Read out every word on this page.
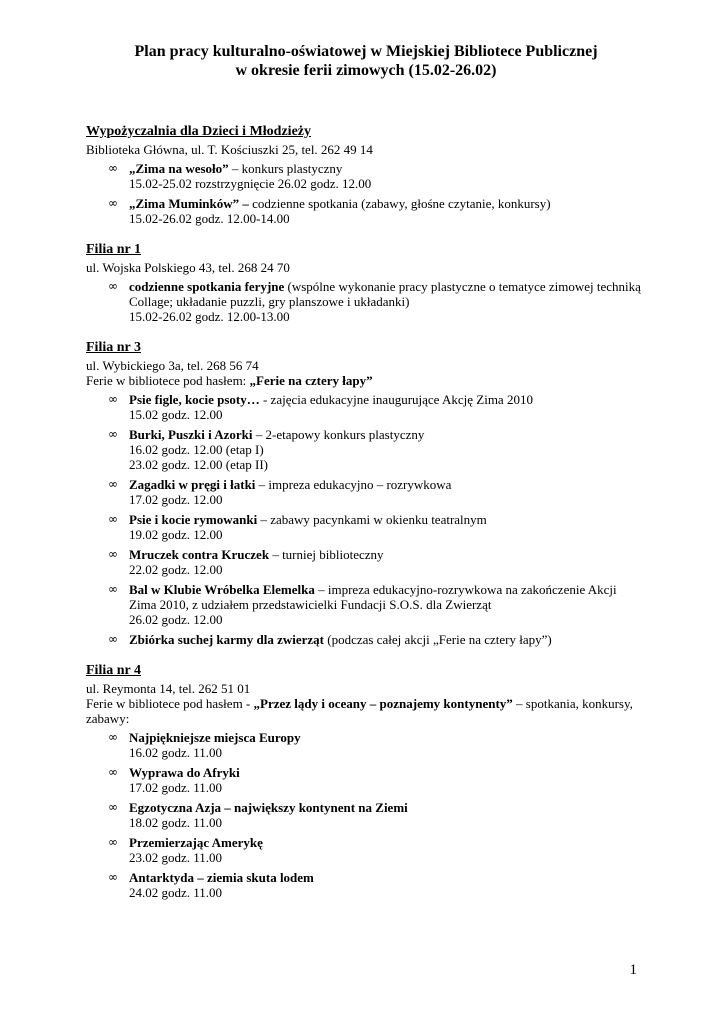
Plan pracy kulturalno-oświatowej w Miejskiej Bibliotece Publicznej
w okresie ferii zimowych (15.02-26.02)
Wypożyczalnia dla Dzieci i Młodzieży
Biblioteka Główna, ul. T. Kościuszki 25, tel. 262 49 14
∞ „Zima na wesoło” – konkurs plastyczny
15.02-25.02 rozstrzygnięcie 26.02 godz. 12.00
∞ „Zima Muminków” – codzienne spotkania (zabawy, głośne czytanie, konkursy)
15.02-26.02 godz. 12.00-14.00
Filia nr 1
ul. Wojska Polskiego 43, tel. 268 24 70
∞ codzienne spotkania feryjne (wspólne wykonanie pracy plastyczne o tematyce zimowej techniką Collage; układanie puzzli, gry planszowe i układanki)
15.02-26.02 godz. 12.00-13.00
Filia nr 3
ul. Wybickiego 3a, tel. 268 56 74
Ferie w bibliotece pod hasłem: „Ferie na cztery łapy”
∞ Psie figle, kocie psoty… - zajęcia edukacyjne inaugurujące Akcję Zima 2010
15.02 godz. 12.00
∞ Burki, Puszki i Azorki – 2-etapowy konkurs plastyczny
16.02 godz. 12.00 (etap I)
23.02 godz. 12.00 (etap II)
∞ Zagadki w pręgi i łatki – impreza edukacyjno – rozrywkowa
17.02 godz. 12.00
∞ Psie i kocie rymowanki – zabawy pacynkami w okienku teatralnym
19.02 godz. 12.00
∞ Mruczek contra Kruczek – turniej biblioteczny
22.02 godz. 12.00
∞ Bal w Klubie Wróbelka Elemelka – impreza edukacyjno-rozrywkowa na zakończenie Akcji Zima 2010, z udziałem przedstawicielki Fundacji S.O.S. dla Zwierząt
26.02 godz. 12.00
∞ Zbiórka suchej karmy dla zwierząt (podczas całej akcji „Ferie na cztery łapy”)
Filia nr 4
ul. Reymonta 14, tel. 262 51 01
Ferie w bibliotece pod hasłem - „Przez lądy i oceany – poznajemy kontynenty” – spotkania, konkursy, zabawy:
∞ Najpiękniejsze miejsca Europy
16.02 godz. 11.00
∞ Wyprawa do Afryki
17.02 godz. 11.00
∞ Egzotyczna Azja – największy kontynent na Ziemi
18.02 godz. 11.00
∞ Przemierzając Amerykę
23.02 godz. 11.00
∞ Antarktyda – ziemia skuta lodem
24.02 godz. 11.00
1
